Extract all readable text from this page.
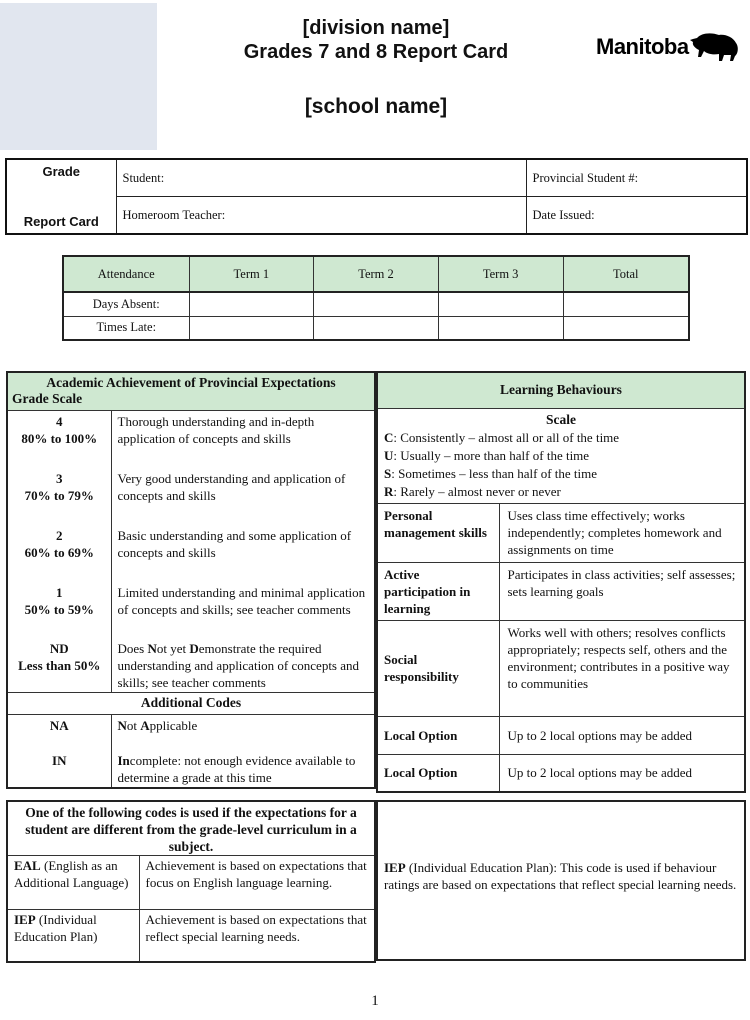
[division name]
Grades 7 and 8 Report Card
[school name]
Manitoba
Grade
Report Card	Student:	Provincial Student #:
	Homeroom Teacher:	Date Issued:
Attendance	Term 1	Term 2	Term 3	Total
Days Absent:				
Times Late:				
Academic Achievement of Provincial Expectations
Grade Scale	

4
80% to 100%	Thorough understanding and in-depth application of concepts and skills

3
70% to 79%	Very good understanding and application of concepts and skills

2
60% to 69%	Basic understanding and some application of concepts and skills

1
50% to 59%	Limited understanding and minimal application of concepts and skills; see teacher comments

ND
Less than 50%	Does Not yet Demonstrate the required understanding and application of concepts and skills; see teacher comments
Additional Codes	
NA	Not Applicable
IN	Incomplete: not enough evidence available to determine a grade at this time
Learning Behaviours	

Scale
C: Consistently – almost all or all of the time
U: Usually – more than half of the time
S: Sometimes – less than half of the time
R: Rarely – almost never or never	

Personal management skills	Uses class time effectively; works independently; completes homework and assignments on time
Active participation in learning	Participates in class activities; self assesses; sets learning goals
Social responsibility	Works well with others; resolves conflicts appropriately; respects self, others and the environment; contributes in a positive way to communities
Local Option	Up to 2 local options may be added
Local Option	Up to 2 local options may be added
One of the following codes is used if the expectations for a student are different from the grade-level curriculum in a subject.	
EAL (English as an Additional Language)	Achievement is based on expectations that focus on English language learning.
IEP (Individual Education Plan)	Achievement is based on expectations that reflect special learning needs.
IEP (Individual Education Plan): This code is used if behaviour ratings are based on expectations that reflect special learning needs.
1
